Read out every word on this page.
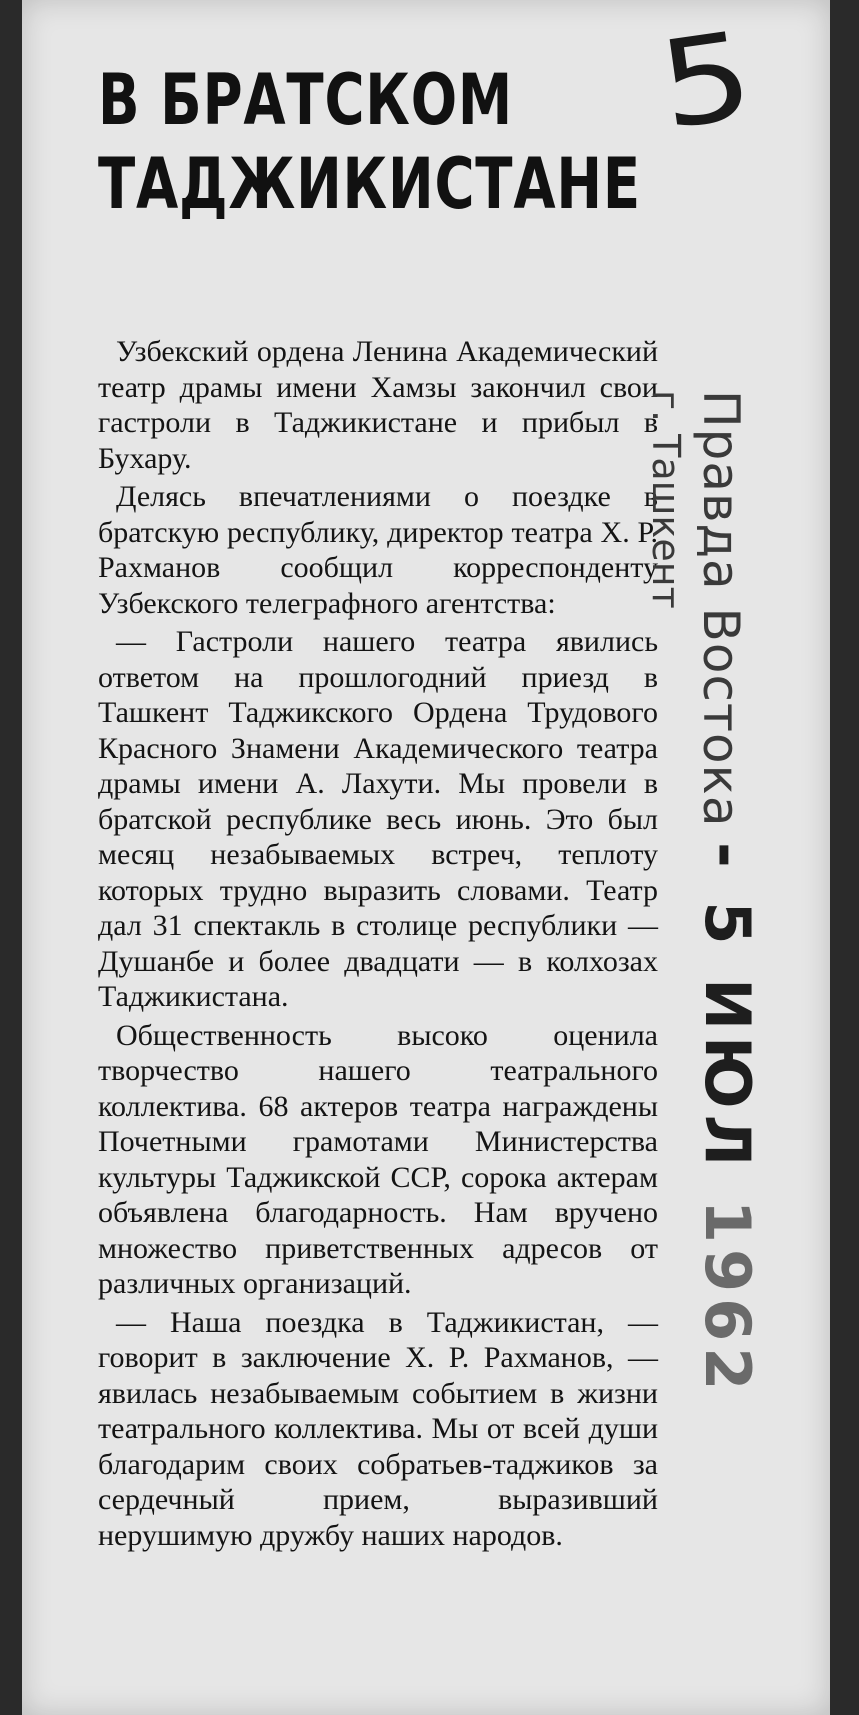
5
В БРАТСКОМ
ТАДЖИКИСТАНЕ

Узбекский ордена Ленина Академический театр драмы имени Хамзы закончил свои гастроли в Таджикистане и прибыл в Бухару.

Делясь впечатлениями о поездке в братскую республику, директор театра Х. Р. Рахманов сообщил корреспонденту Узбекского телеграфного агентства:

— Гастроли нашего театра явились ответом на прошлогодний приезд в Ташкент Таджикского Ордена Трудового Красного Знамени Академического театра драмы имени А. Лахути. Мы провели в братской республике весь июнь. Это был месяц незабываемых встреч, теплоту которых трудно выразить словами. Театр дал 31 спектакль в столице республики — Душанбе и более двадцати — в колхозах Таджикистана.

Общественность высоко оценила творчество нашего театрального коллектива. 68 актеров театра награждены Почетными грамотами Министерства культуры Таджикской ССР, сорока актерам объявлена благодарность. Нам вручено множество приветственных адресов от различных организаций.

— Наша поездка в Таджикистан, — говорит в заключение Х. Р. Рахманов, — явилась незабываемым событием в жизни театрального коллектива. Мы от всей души благодарим своих собратьев-таджиков за сердечный прием, выразивший нерушимую дружбу наших народов.

Правда Востока
г. Ташкент
- 5 ИЮЛ 1962
